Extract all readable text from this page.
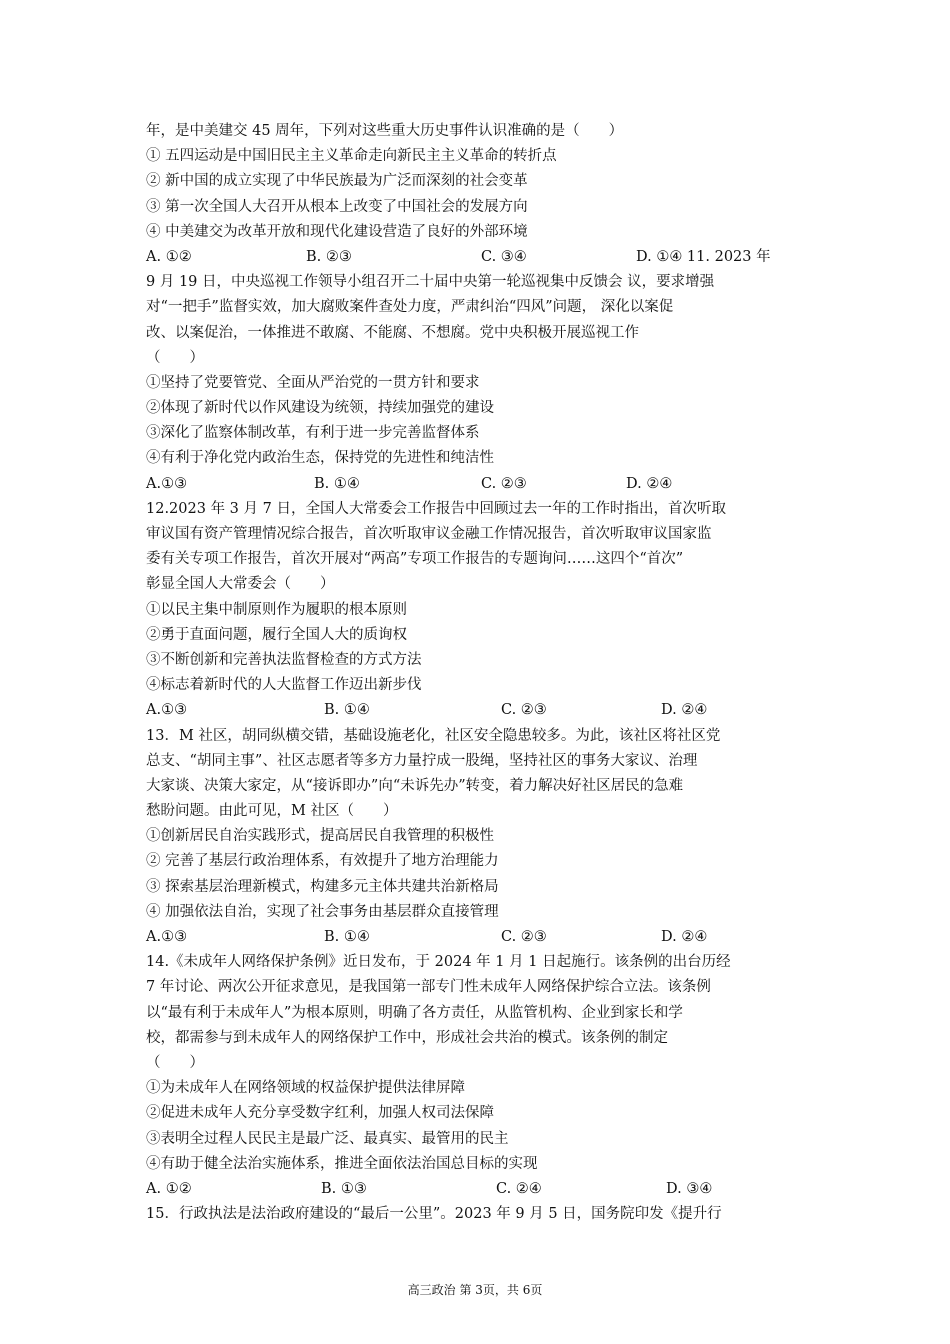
年，是中美建交 45 周年，下列对这些重大历史事件认识准确的是（　　）
① 五四运动是中国旧民主主义革命走向新民主主义革命的转折点
② 新中国的成立实现了中华民族最为广泛而深刻的社会变革
③ 第一次全国人大召开从根本上改变了中国社会的发展方向
④ 中美建交为改革开放和现代化建设营造了良好的外部环境
A. ①②	B. ②③	C. ③④	D. ①④ 11. 2023 年
9 月 19 日，中央巡视工作领导小组召开二十届中央第一轮巡视集中反馈会 议，要求增强
对“一把手”监督实效，加大腐败案件查处力度，严肃纠治“四风”问题， 深化以案促
改、以案促治，一体推进不敢腐、不能腐、不想腐。党中央积极开展巡视工作
（　　）
①坚持了党要管党、全面从严治党的一贯方针和要求
②体现了新时代以作风建设为统领，持续加强党的建设
③深化了监察体制改革，有利于进一步完善监督体系
④有利于净化党内政治生态，保持党的先进性和纯洁性
A.①③	B. ①④	C. ②③	D. ②④
12.2023 年 3 月 7 日，全国人大常委会工作报告中回顾过去一年的工作时指出，首次听取
审议国有资产管理情况综合报告，首次听取审议金融工作情况报告，首次听取审议国家监
委有关专项工作报告，首次开展对“两高”专项工作报告的专题询问……这四个“首次”
彰显全国人大常委会（　　）
①以民主集中制原则作为履职的根本原则
②勇于直面问题，履行全国人大的质询权
③不断创新和完善执法监督检查的方式方法
④标志着新时代的人大监督工作迈出新步伐
A.①③	B. ①④	C. ②③	D. ②④
13．M 社区，胡同纵横交错，基础设施老化，社区安全隐患较多。为此，该社区将社区党
总支、“胡同主事”、社区志愿者等多方力量拧成一股绳，坚持社区的事务大家议、治理
大家谈、决策大家定，从“接诉即办”向“未诉先办”转变，着力解决好社区居民的急难
愁盼问题。由此可见，M 社区（　　）
①创新居民自治实践形式，提高居民自我管理的积极性
② 完善了基层行政治理体系，有效提升了地方治理能力
③ 探索基层治理新模式，构建多元主体共建共治新格局
④ 加强依法自治，实现了社会事务由基层群众直接管理
A.①③	B. ①④	C. ②③	D. ②④
14.《未成年人网络保护条例》近日发布，于 2024 年 1 月 1 日起施行。该条例的出台历经
7 年讨论、两次公开征求意见，是我国第一部专门性未成年人网络保护综合立法。该条例
以“最有利于未成年人”为根本原则，明确了各方责任，从监管机构、企业到家长和学
校，都需参与到未成年人的网络保护工作中，形成社会共治的模式。该条例的制定
（　　）
①为未成年人在网络领域的权益保护提供法律屏障
②促进未成年人充分享受数字红利，加强人权司法保障
③表明全过程人民民主是最广泛、最真实、最管用的民主
④有助于健全法治实施体系，推进全面依法治国总目标的实现
A. ①②	B. ①③	C. ②④	D. ③④
15．行政执法是法治政府建设的“最后一公里”。2023 年 9 月 5 日，国务院印发《提升行
高三政治 第 3页，共 6页
